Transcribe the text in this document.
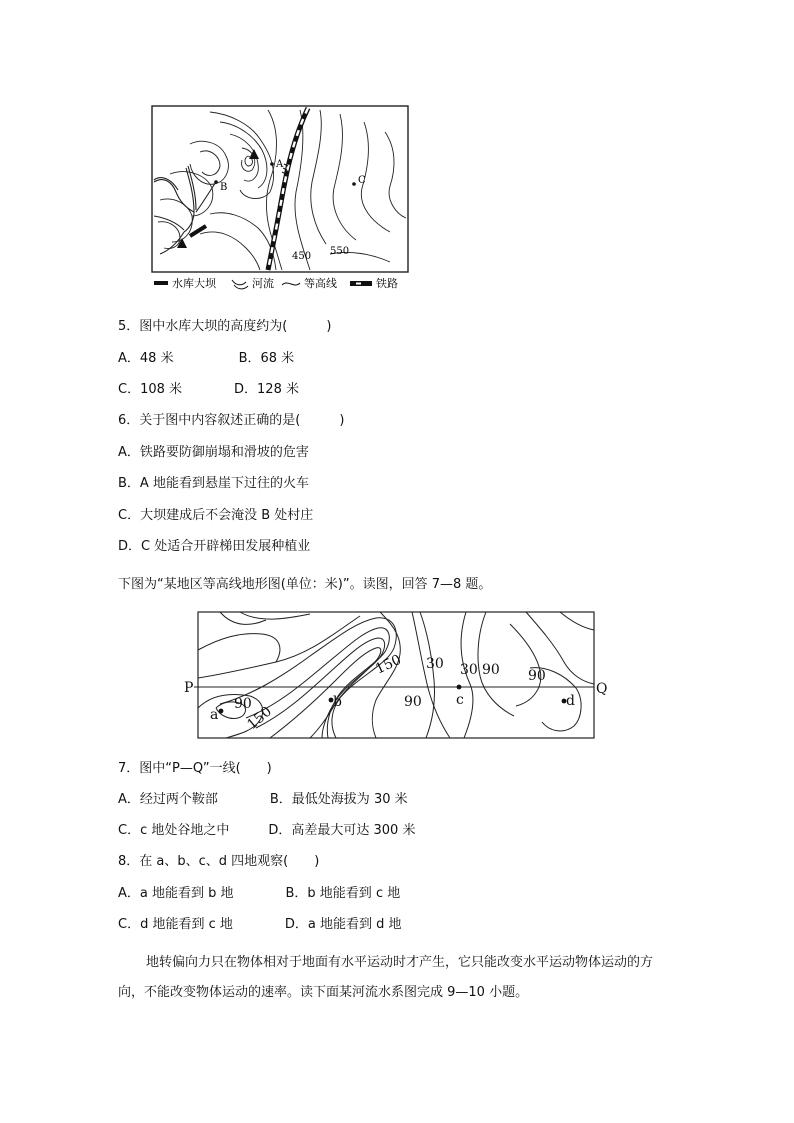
A
B
C
550
450
水库大坝	河流	等高线	铁路
5．图中水库大坝的高度约为(　　　)
A．48 米　　　　　B．68 米
C．108 米　　　　D．128 米
6．关于图中内容叙述正确的是(　　　)
A．铁路要防御崩塌和滑坡的危害
B．A 地能看到悬崖下过往的火车
C．大坝建成后不会淹没 B 处村庄
D．C 处适合开辟梯田发展种植业
下图为“某地区等高线地形图(单位：米)”。读图，回答 7—8 题。
P	Q
a
b	c	d
150
150
30 30
90	90
90 90
7．图中“P—Q”一线(　　)
A．经过两个鞍部　　　　B．最低处海拔为 30 米
C．c 地处谷地之中　　　D．高差最大可达 300 米
8．在 a、b、c、d 四地观察(　　)
A．a 地能看到 b 地　　　　B．b 地能看到 c 地
C．d 地能看到 c 地　　　　D．a 地能看到 d 地
地转偏向力只在物体相对于地面有水平运动时才产生，它只能改变水平运动物体运动的方向，不能改变物体运动的速率。读下面某河流水系图完成 9—10 小题。
